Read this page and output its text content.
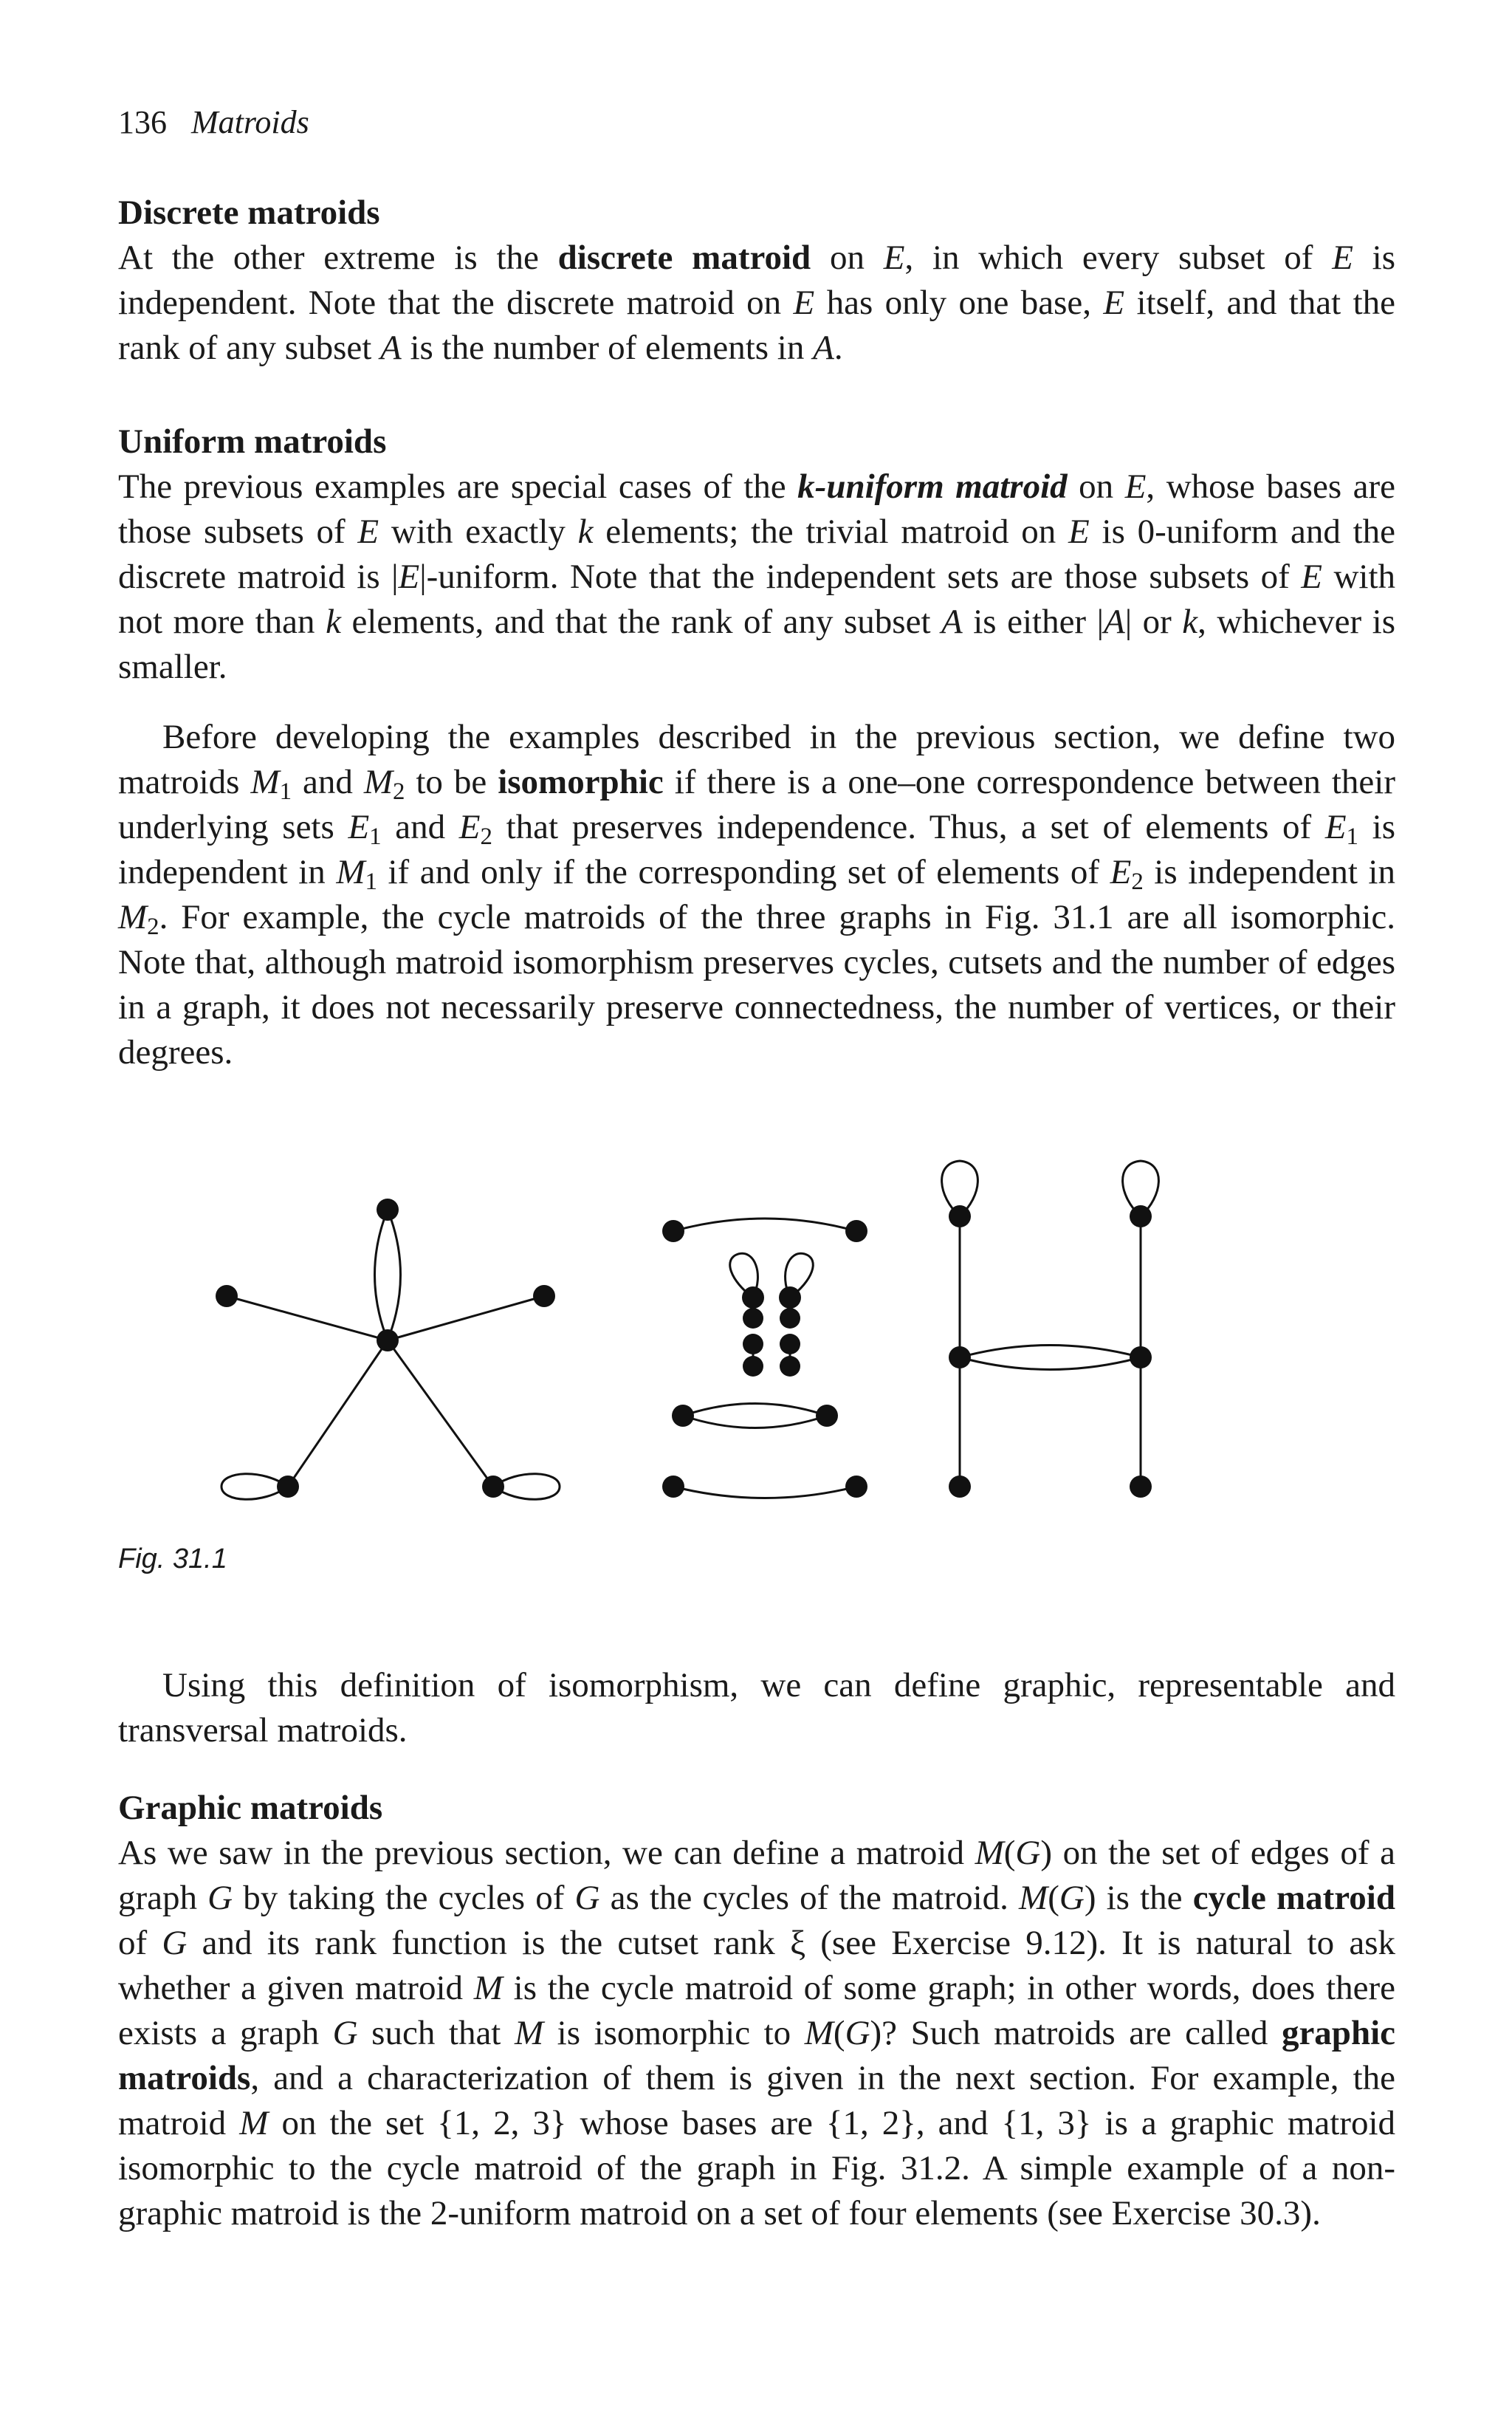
136 Matroids
Discrete matroids
At the other extreme is the discrete matroid on E, in which every subset of E is independent. Note that the discrete matroid on E has only one base, E itself, and that the rank of any subset A is the number of elements in A.
Uniform matroids
The previous examples are special cases of the k-uniform matroid on E, whose bases are those subsets of E with exactly k elements; the trivial matroid on E is 0-uniform and the discrete matroid is |E|-uniform. Note that the independent sets are those subsets of E with not more than k elements, and that the rank of any subset A is either |A| or k, whichever is smaller.
Before developing the examples described in the previous section, we define two matroids $M_1$ and $M_2$ to be isomorphic if there is a one–one correspondence between their underlying sets $E_1$ and $E_2$ that preserves independence. Thus, a set of elements of $E_1$ is independent in $M_1$ if and only if the corresponding set of elements of $E_2$ is independent in $M_2$. For example, the cycle matroids of the three graphs in Fig. 31.1 are all isomorphic. Note that, although matroid isomorphism preserves cycles, cutsets and the number of edges in a graph, it does not necessarily preserve connectedness, the number of vertices, or their degrees.
Fig. 31.1
Using this definition of isomorphism, we can define graphic, representable and transversal matroids.
Graphic matroids
As we saw in the previous section, we can define a matroid M(G) on the set of edges of a graph G by taking the cycles of G as the cycles of the matroid. M(G) is the cycle matroid of G and its rank function is the cutset rank ξ (see Exercise 9.12). It is natural to ask whether a given matroid M is the cycle matroid of some graph; in other words, does there exists a graph G such that M is isomorphic to M(G)? Such matroids are called graphic matroids, and a characterization of them is given in the next section. For example, the matroid M on the set {1, 2, 3} whose bases are {1, 2}, and {1, 3} is a graphic matroid isomorphic to the cycle matroid of the graph in Fig. 31.2. A simple example of a non-graphic matroid is the 2-uniform matroid on a set of four elements (see Exercise 30.3).
